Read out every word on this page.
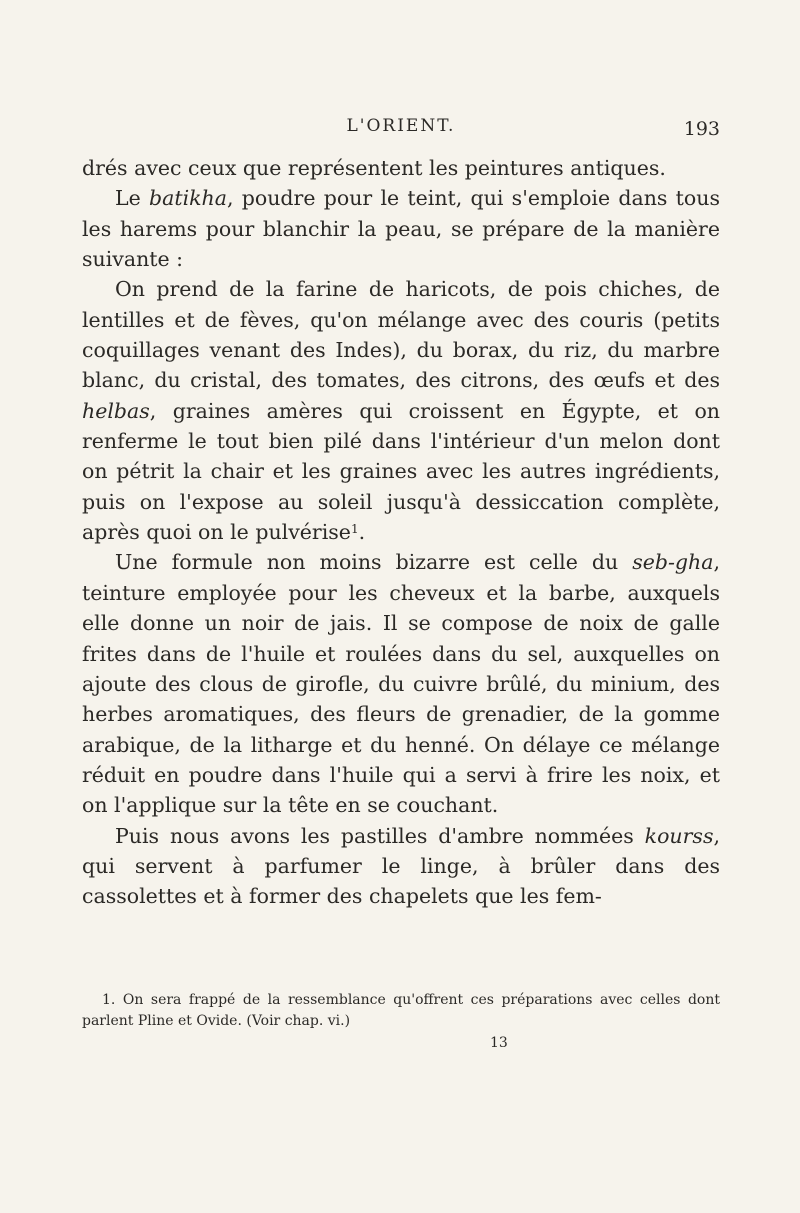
L'ORIENT.	193

drés avec ceux que représentent les peintures antiques.

Le batikha, poudre pour le teint, qui s'emploie dans tous les harems pour blanchir la peau, se prépare de la manière suivante :

On prend de la farine de haricots, de pois chiches, de lentilles et de fèves, qu'on mélange avec des couris (petits coquillages venant des Indes), du borax, du riz, du marbre blanc, du cristal, des tomates, des citrons, des œufs et des helbas, graines amères qui croissent en Égypte, et on renferme le tout bien pilé dans l'intérieur d'un melon dont on pétrit la chair et les graines avec les autres ingrédients, puis on l'expose au soleil jusqu'à dessiccation complète, après quoi on le pulvérise$^1$.

Une formule non moins bizarre est celle du seb-gha, teinture employée pour les cheveux et la barbe, auxquels elle donne un noir de jais. Il se compose de noix de galle frites dans de l'huile et roulées dans du sel, auxquelles on ajoute des clous de girofle, du cuivre brûlé, du minium, des herbes aromatiques, des fleurs de grenadier, de la gomme arabique, de la litharge et du henné. On délaye ce mélange réduit en poudre dans l'huile qui a servi à frire les noix, et on l'applique sur la tête en se couchant.

Puis nous avons les pastilles d'ambre nommées kourss, qui servent à parfumer le linge, à brûler dans des cassolettes et à former des chapelets que les fem-

1. On sera frappé de la ressemblance qu'offrent ces préparations avec celles dont parlent Pline et Ovide. (Voir chap. vi.)
13
